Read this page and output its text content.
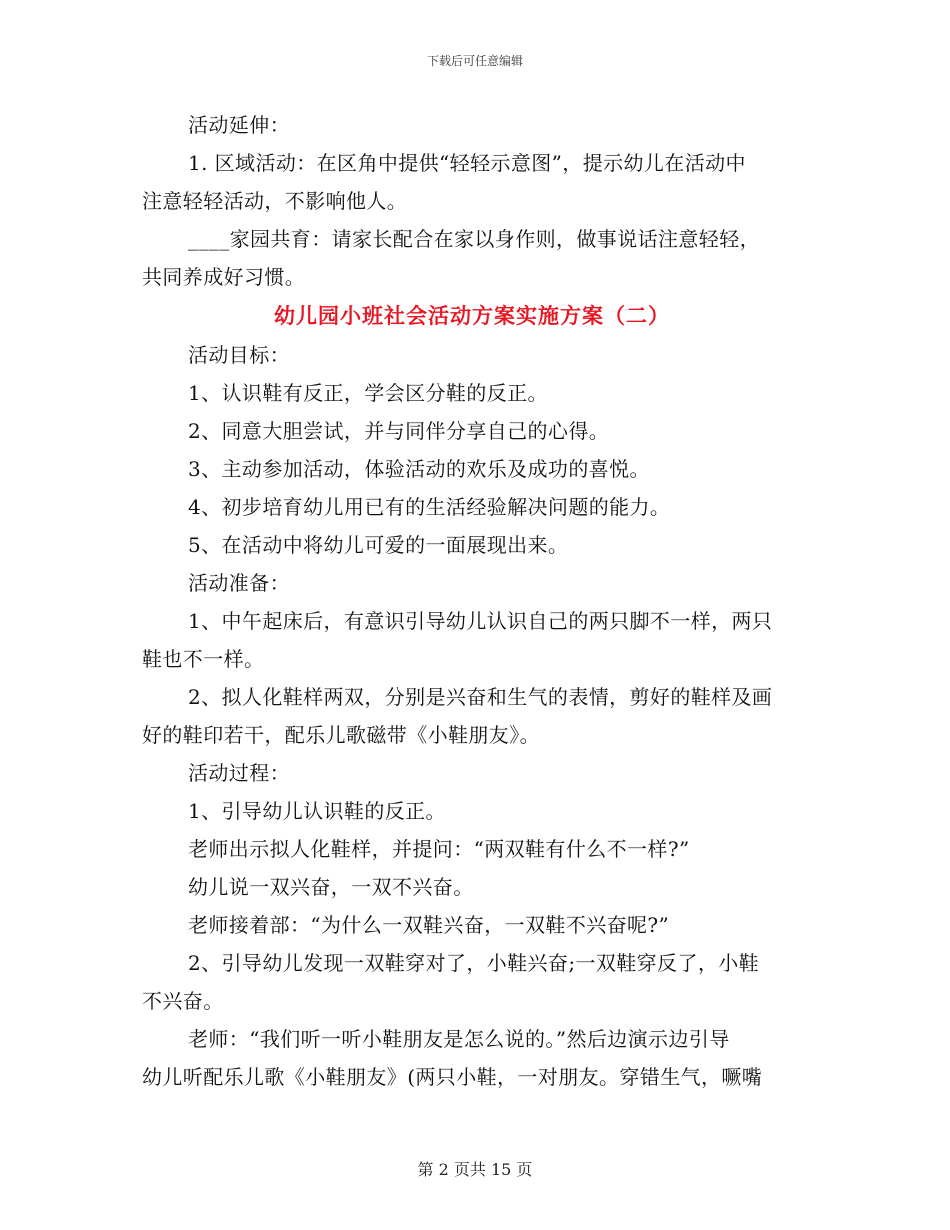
下载后可任意编辑
活动延伸：
1. 区域活动：在区角中提供“轻轻示意图”，提示幼儿在活动中
注意轻轻活动，不影响他人。
____家园共育：请家长配合在家以身作则，做事说话注意轻轻，
共同养成好习惯。
幼儿园小班社会活动方案实施方案（二）
活动目标：
1、认识鞋有反正，学会区分鞋的反正。
2、同意大胆尝试，并与同伴分享自己的心得。
3、主动参加活动，体验活动的欢乐及成功的喜悦。
4、初步培育幼儿用已有的生活经验解决问题的能力。
5、在活动中将幼儿可爱的一面展现出来。
活动准备：
1、中午起床后，有意识引导幼儿认识自己的两只脚不一样，两只
鞋也不一样。
2、拟人化鞋样两双，分别是兴奋和生气的表情，剪好的鞋样及画
好的鞋印若干，配乐儿歌磁带《小鞋朋友》。
活动过程：
1、引导幼儿认识鞋的反正。
老师出示拟人化鞋样，并提问：“两双鞋有什么不一样?”
幼儿说一双兴奋，一双不兴奋。
老师接着部：“为什么一双鞋兴奋，一双鞋不兴奋呢?”
2、引导幼儿发现一双鞋穿对了，小鞋兴奋;一双鞋穿反了，小鞋
不兴奋。
老师：“我们听一听小鞋朋友是怎么说的。”然后边演示边引导
幼儿听配乐儿歌《小鞋朋友》(两只小鞋，一对朋友。穿错生气，噘嘴
第 2 页共 15 页
